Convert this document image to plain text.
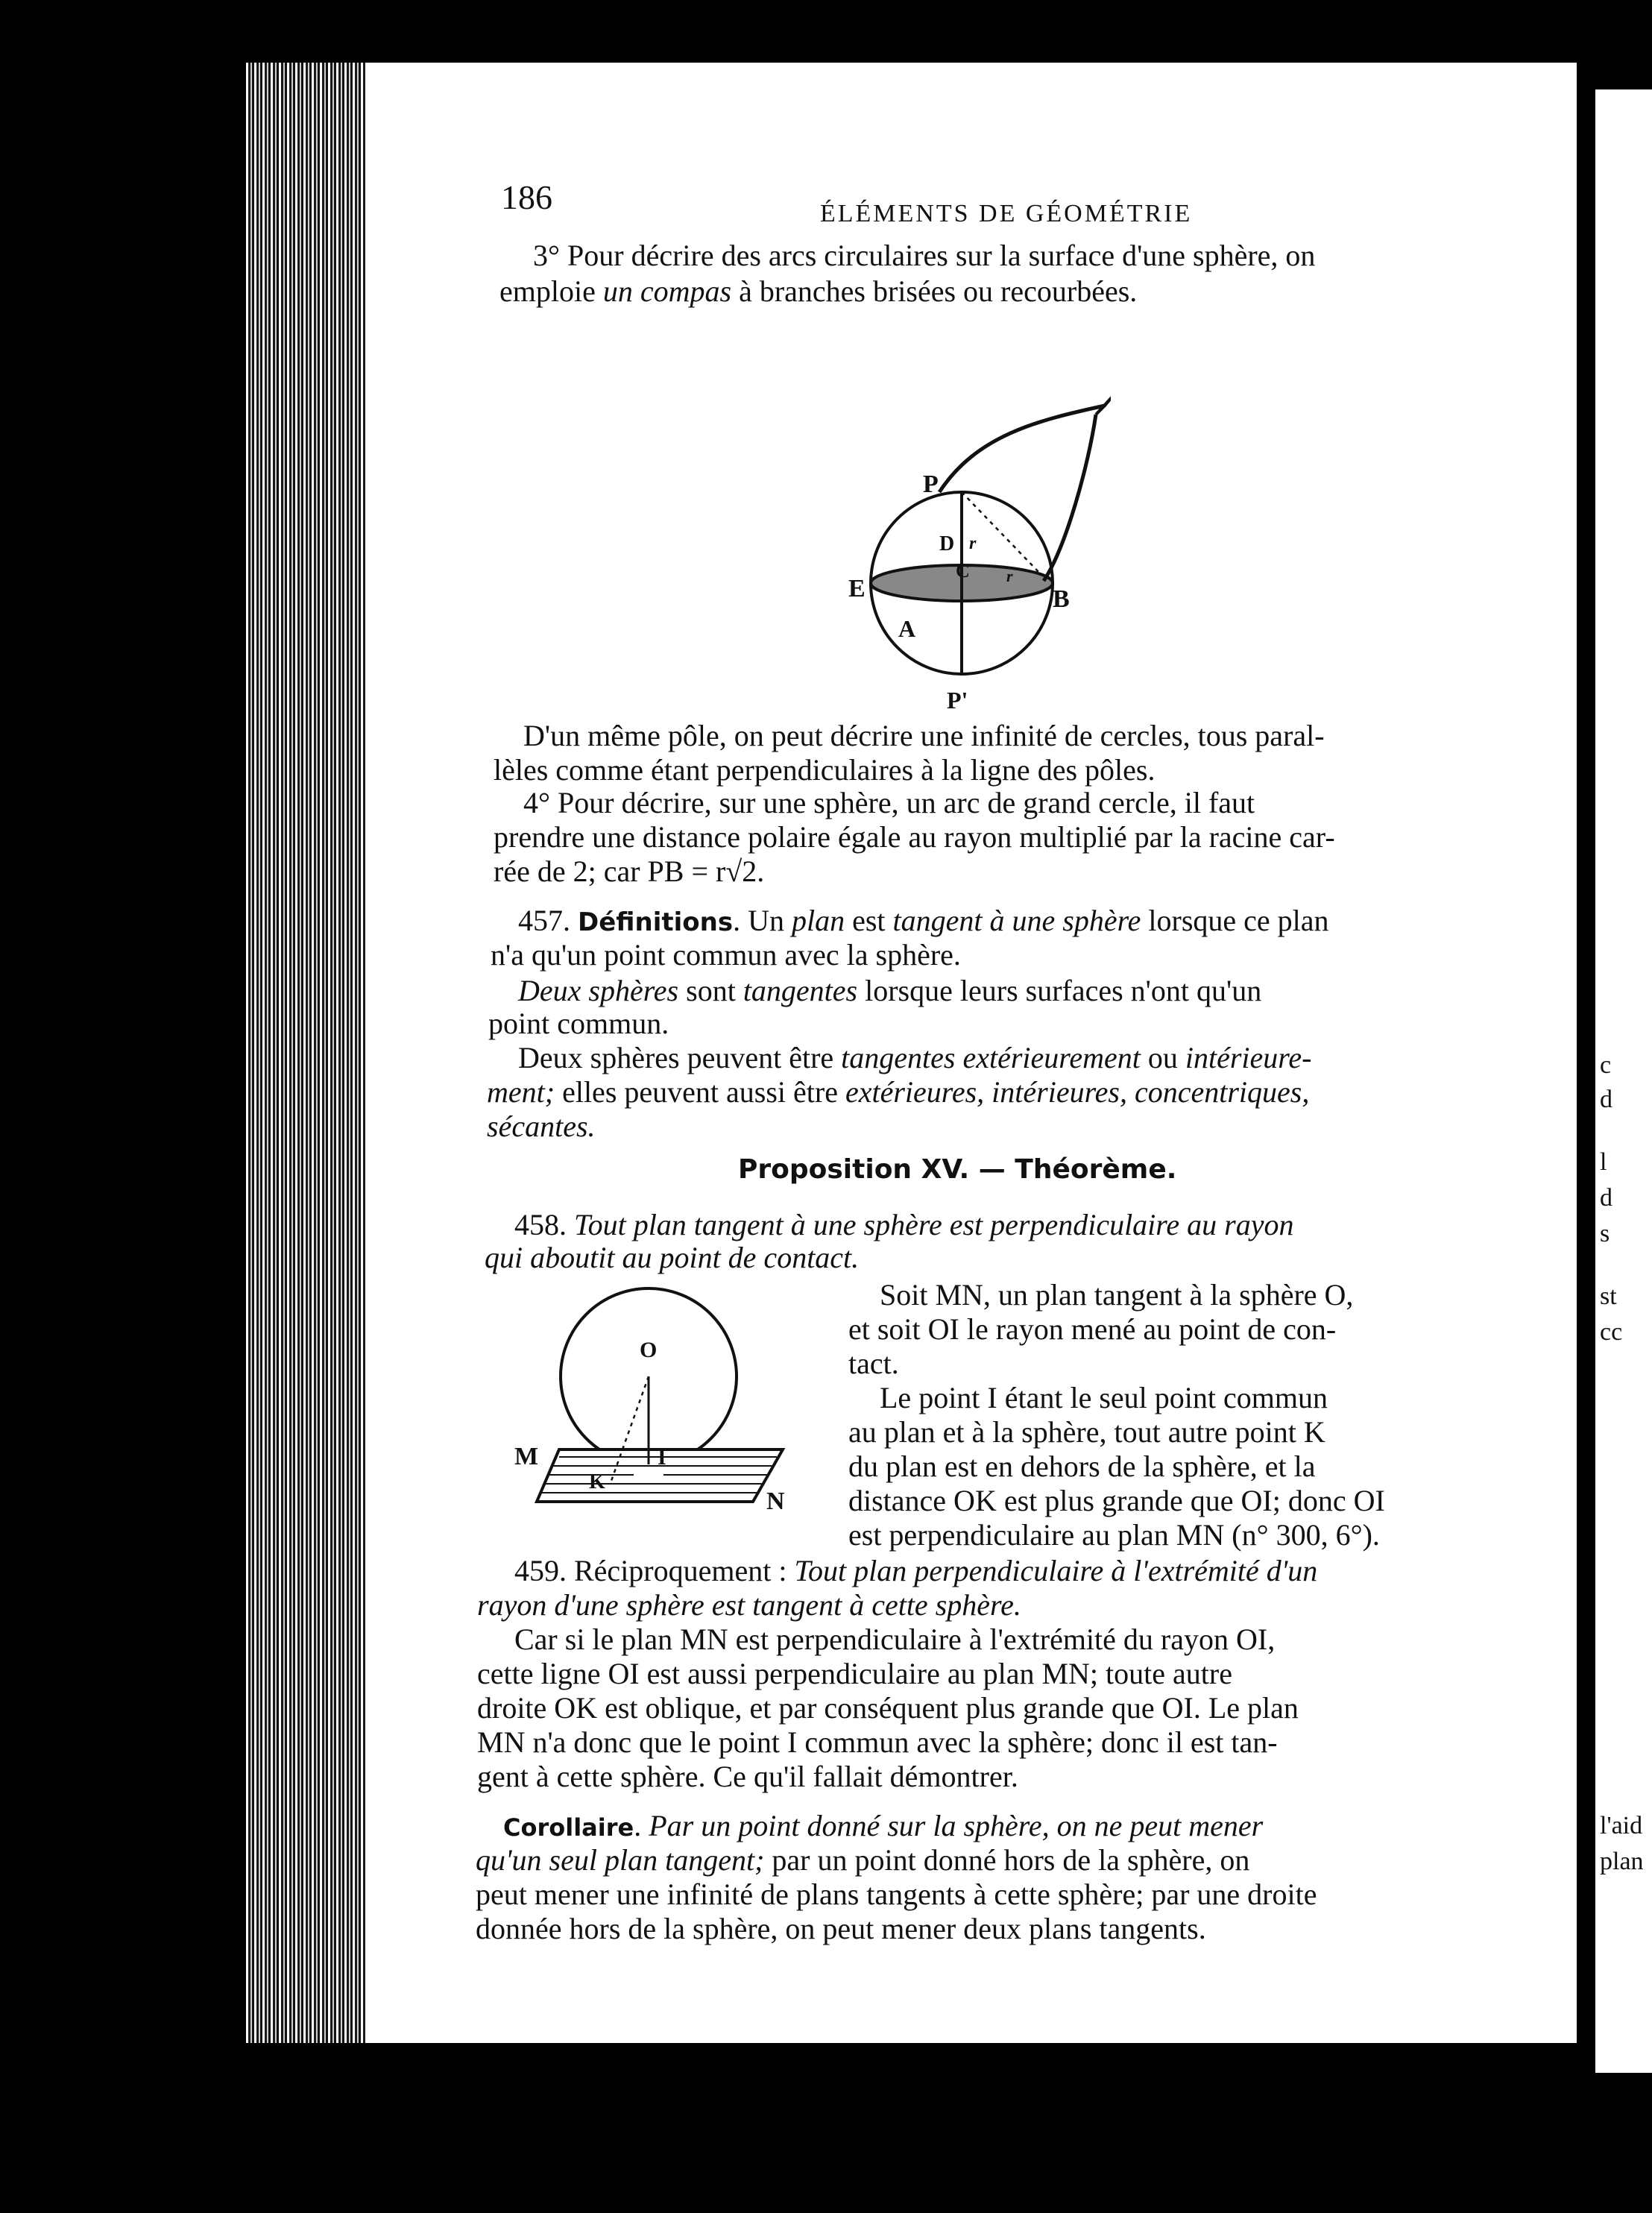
186	ÉLÉMENTS DE GÉOMÉTRIE
3° Pour décrire des arcs circulaires sur la surface d'une sphère, on
emploie un compas à branches brisées ou recourbées.
P
D r
C r
E	B
A
P'
D'un même pôle, on peut décrire une infinité de cercles, tous paral-
lèles comme étant perpendiculaires à la ligne des pôles.
4° Pour décrire, sur une sphère, un arc de grand cercle, il faut
prendre une distance polaire égale au rayon multiplié par la racine car-
rée de 2; car PB = r√2.
457. Définitions. Un plan est tangent à une sphère lorsque ce plan
n'a qu'un point commun avec la sphère.
Deux sphères sont tangentes lorsque leurs surfaces n'ont qu'un
point commun.
Deux sphères peuvent être tangentes extérieurement ou intérieure-
ment; elles peuvent aussi être extérieures, intérieures, concentriques,
sécantes.
Proposition XV. — Théorème.
458. Tout plan tangent à une sphère est perpendiculaire au rayon
qui aboutit au point de contact.
O
M
K
I
N
Soit MN, un plan tangent à la sphère O,
et soit OI le rayon mené au point de con-
tact.
Le point I étant le seul point commun
au plan et à la sphère, tout autre point K
du plan est en dehors de la sphère, et la
distance OK est plus grande que OI; donc OI
est perpendiculaire au plan MN (n° 300, 6°).
459. Réciproquement : Tout plan perpendiculaire à l'extrémité d'un
rayon d'une sphère est tangent à cette sphère.
Car si le plan MN est perpendiculaire à l'extrémité du rayon OI,
cette ligne OI est aussi perpendiculaire au plan MN; toute autre
droite OK est oblique, et par conséquent plus grande que OI. Le plan
MN n'a donc que le point I commun avec la sphère; donc il est tan-
gent à cette sphère. Ce qu'il fallait démontrer.
Corollaire. Par un point donné sur la sphère, on ne peut mener
qu'un seul plan tangent; par un point donné hors de la sphère, on
peut mener une infinité de plans tangents à cette sphère; par une droite
donnée hors de la sphère, on peut mener deux plans tangents.
c
d
l
d
s
st
cc
l'aid
plan
